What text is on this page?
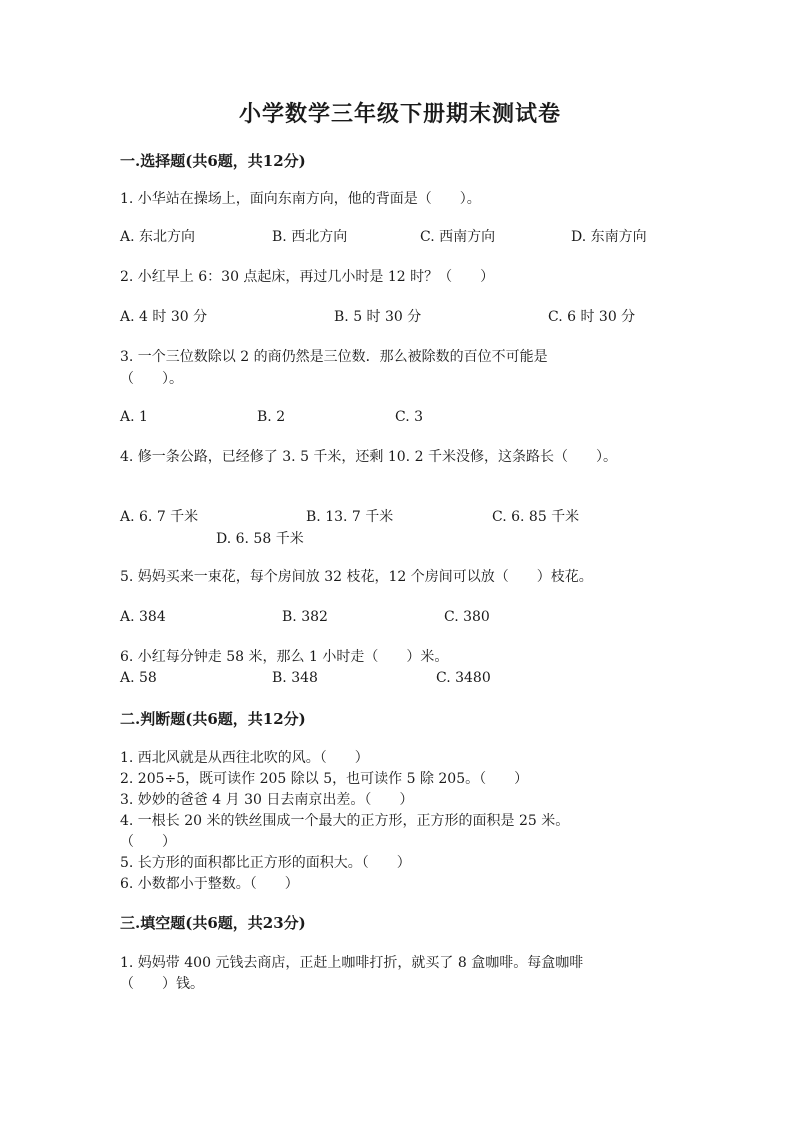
小学数学三年级下册期末测试卷
一.选择题(共6题，共12分)
1. 小华站在操场上，面向东南方向，他的背面是（　　）。
A. 东北方向	B. 西北方向	C. 西南方向	D. 东南方向
2. 小红早上 6：30 点起床，再过几小时是 12 时？（　　）
A. 4 时 30 分	B. 5 时 30 分	C. 6 时 30 分
3. 一个三位数除以 2 的商仍然是三位数．那么被除数的百位不可能是
（　　）。
A. 1	B. 2	C. 3
4. 修一条公路，已经修了 3. 5 千米，还剩 10. 2 千米没修，这条路长（　　）。
A. 6. 7 千米	B. 13. 7 千米	C. 6. 85 千米
D. 6. 58 千米
5. 妈妈买来一束花，每个房间放 32 枝花，12 个房间可以放（　　）枝花。
A. 384	B. 382	C. 380
6. 小红每分钟走 58 米，那么 1 小时走（　　）米。
A. 58	B. 348	C. 3480
二.判断题(共6题，共12分)
1. 西北风就是从西往北吹的风。（　　）
2. 205÷5，既可读作 205 除以 5，也可读作 5 除 205。（　　）
3. 妙妙的爸爸 4 月 30 日去南京出差。（　　）
4. 一根长 20 米的铁丝围成一个最大的正方形，正方形的面积是 25 米。
（　　）
5. 长方形的面积都比正方形的面积大。（　　）
6. 小数都小于整数。（　　）
三.填空题(共6题，共23分)
1. 妈妈带 400 元钱去商店，正赶上咖啡打折，就买了 8 盒咖啡。每盒咖啡
（　　）钱。
